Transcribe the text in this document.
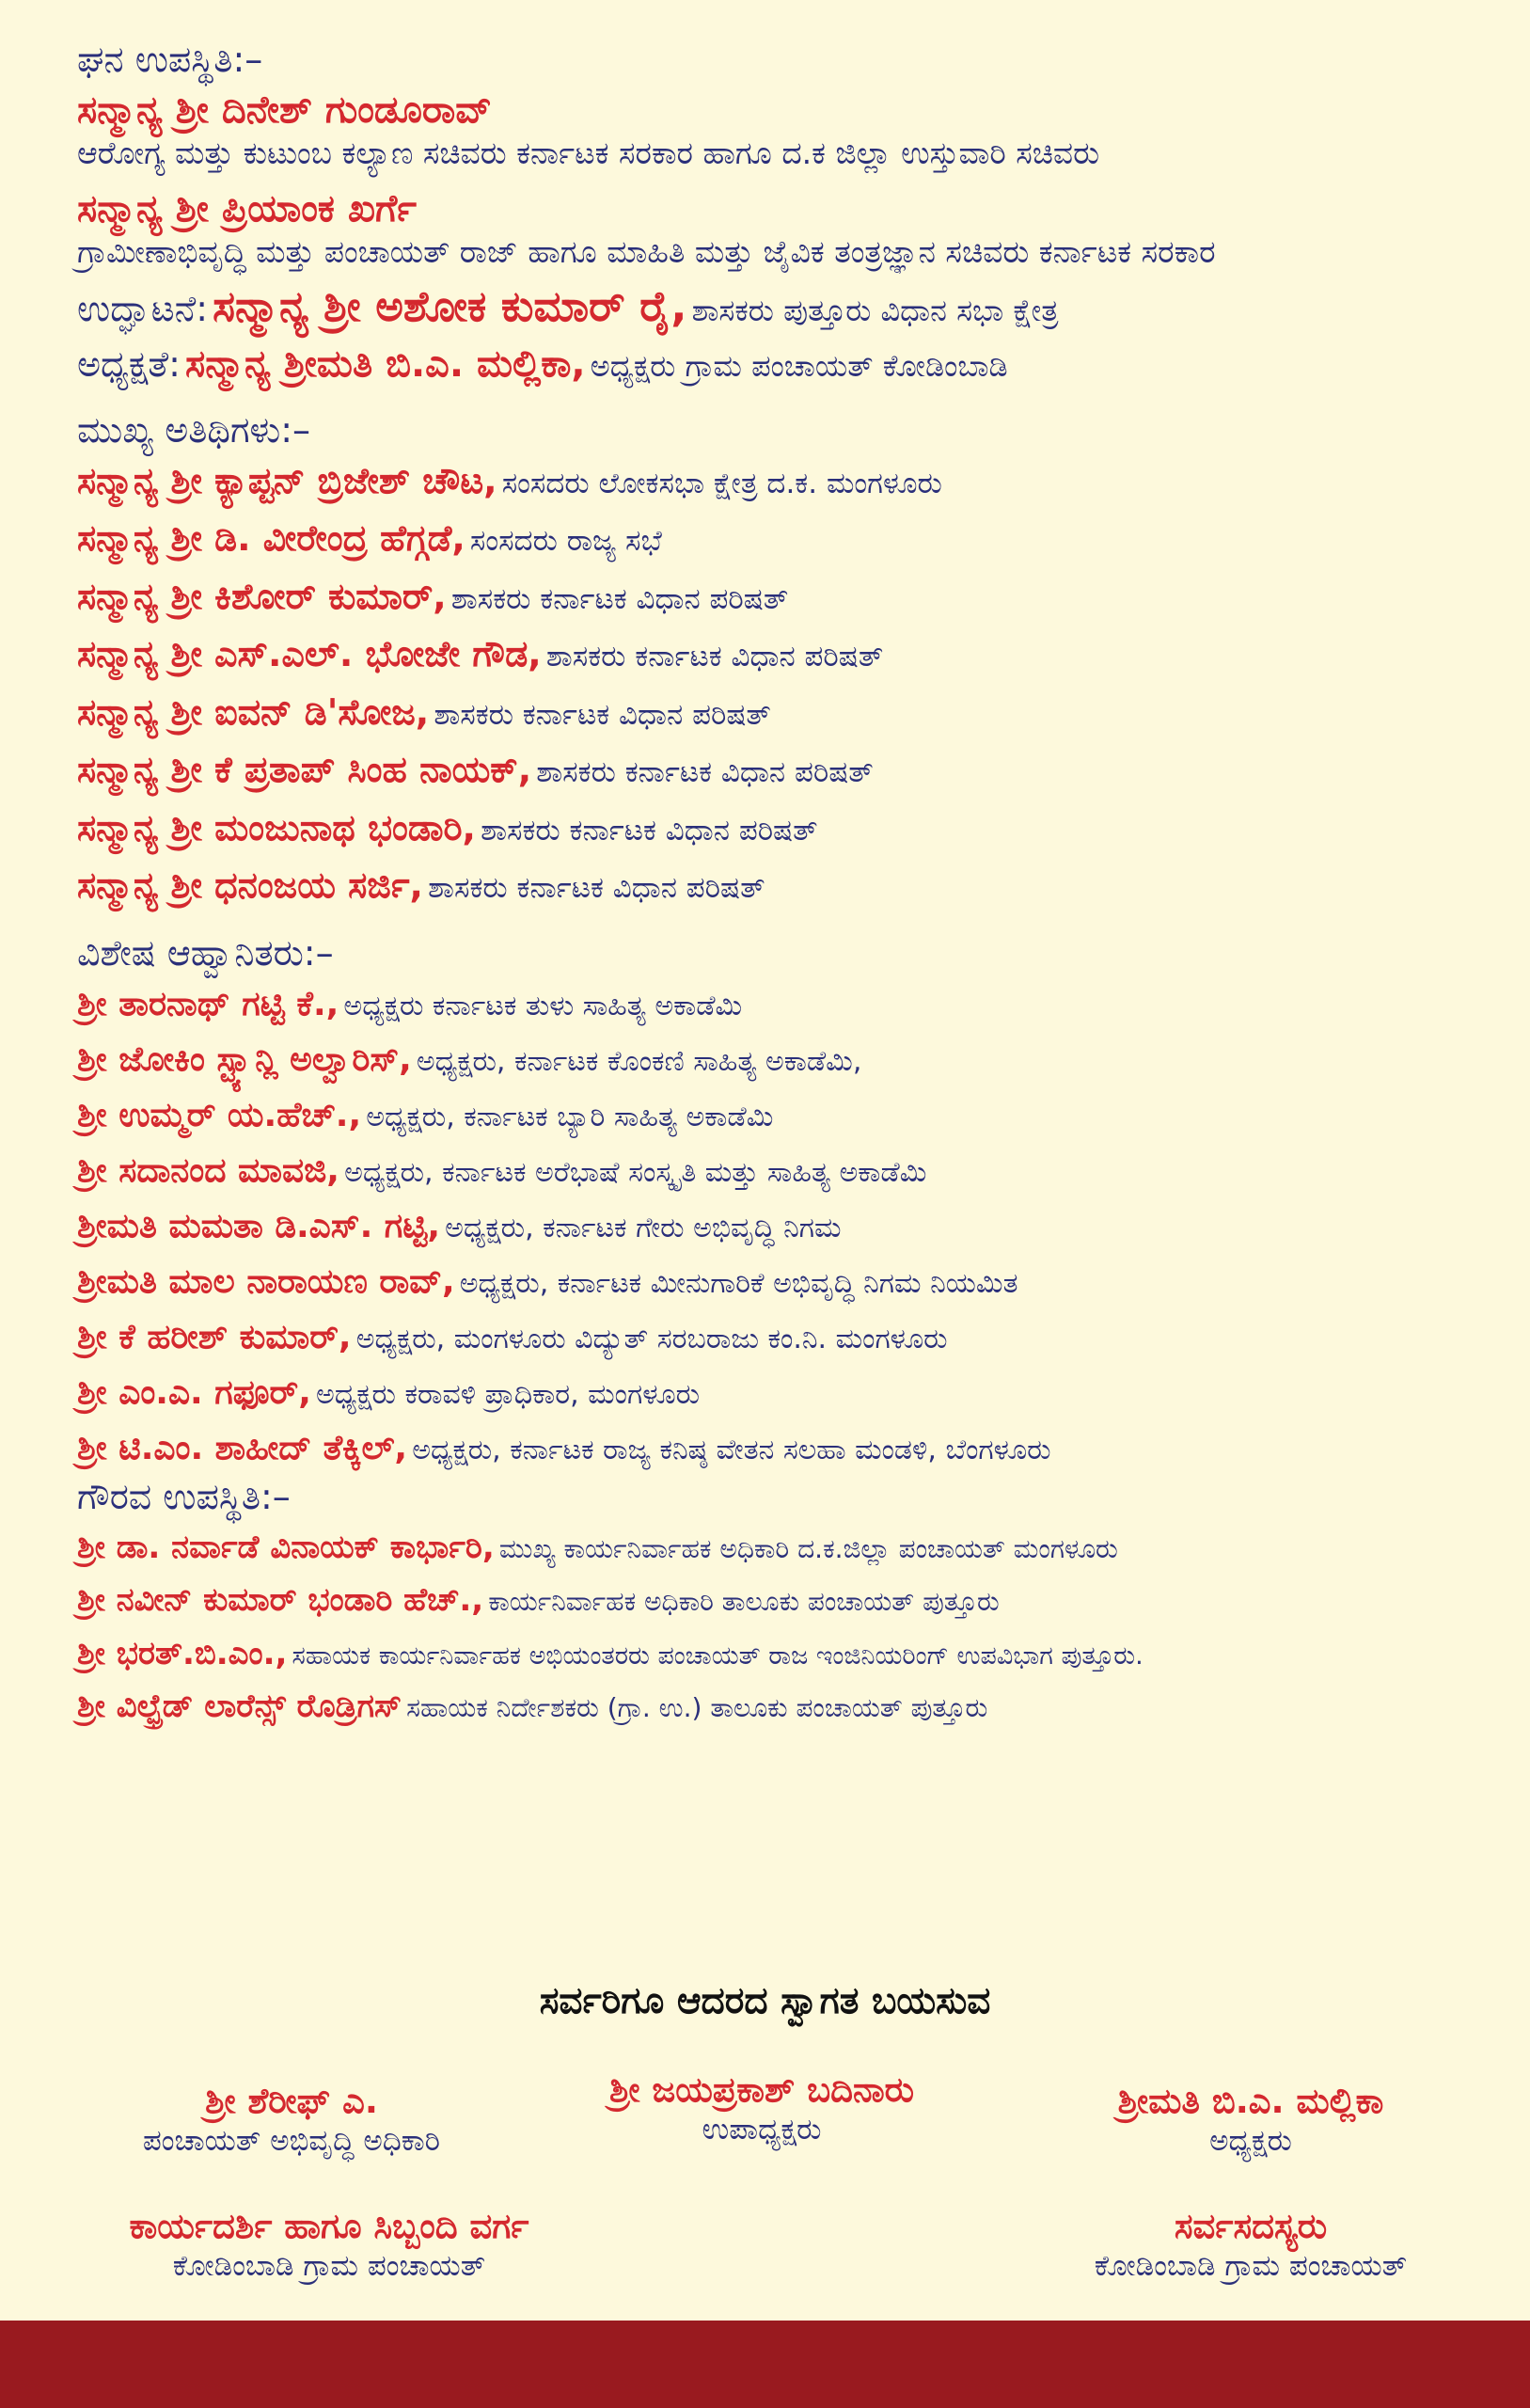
ಘನ ಉಪಸ್ಥಿತಿ:–
ಸನ್ಮಾನ್ಯ ಶ್ರೀ ದಿನೇಶ್ ಗುಂಡೂರಾವ್
ಆರೋಗ್ಯ ಮತ್ತು ಕುಟುಂಬ ಕಲ್ಯಾಣ ಸಚಿವರು ಕರ್ನಾಟಕ ಸರಕಾರ ಹಾಗೂ ದ.ಕ ಜಿಲ್ಲಾ ಉಸ್ತುವಾರಿ ಸಚಿವರು
ಸನ್ಮಾನ್ಯ ಶ್ರೀ ಪ್ರಿಯಾಂಕ ಖರ್ಗೆ
ಗ್ರಾಮೀಣಾಭಿವೃದ್ಧಿ ಮತ್ತು ಪಂಚಾಯತ್ ರಾಜ್ ಹಾಗೂ ಮಾಹಿತಿ ಮತ್ತು ಜೈವಿಕ ತಂತ್ರಜ್ಞಾನ ಸಚಿವರು ಕರ್ನಾಟಕ ಸರಕಾರ
ಉದ್ಘಾಟನೆ: ಸನ್ಮಾನ್ಯ ಶ್ರೀ ಅಶೋಕ ಕುಮಾರ್ ರೈ, ಶಾಸಕರು ಪುತ್ತೂರು ವಿಧಾನ ಸಭಾ ಕ್ಷೇತ್ರ
ಅಧ್ಯಕ್ಷತೆ: ಸನ್ಮಾನ್ಯ ಶ್ರೀಮತಿ ಬಿ.ಎ. ಮಲ್ಲಿಕಾ, ಅಧ್ಯಕ್ಷರು ಗ್ರಾಮ ಪಂಚಾಯತ್ ಕೋಡಿಂಬಾಡಿ
ಮುಖ್ಯ ಅತಿಥಿಗಳು:–
ಸನ್ಮಾನ್ಯ ಶ್ರೀ ಕ್ಯಾಪ್ಟನ್ ಬ್ರಿಜೇಶ್ ಚೌಟ, ಸಂಸದರು ಲೋಕಸಭಾ ಕ್ಷೇತ್ರ ದ.ಕ. ಮಂಗಳೂರು
ಸನ್ಮಾನ್ಯ ಶ್ರೀ ಡಿ. ವೀರೇಂದ್ರ ಹೆಗ್ಗಡೆ, ಸಂಸದರು ರಾಜ್ಯ ಸಭೆ
ಸನ್ಮಾನ್ಯ ಶ್ರೀ ಕಿಶೋರ್ ಕುಮಾರ್, ಶಾಸಕರು ಕರ್ನಾಟಕ ವಿಧಾನ ಪರಿಷತ್
ಸನ್ಮಾನ್ಯ ಶ್ರೀ ಎಸ್.ಎಲ್. ಭೋಜೇ ಗೌಡ, ಶಾಸಕರು ಕರ್ನಾಟಕ ವಿಧಾನ ಪರಿಷತ್
ಸನ್ಮಾನ್ಯ ಶ್ರೀ ಐವನ್ ಡಿ'ಸೋಜ, ಶಾಸಕರು ಕರ್ನಾಟಕ ವಿಧಾನ ಪರಿಷತ್
ಸನ್ಮಾನ್ಯ ಶ್ರೀ ಕೆ ಪ್ರತಾಪ್ ಸಿಂಹ ನಾಯಕ್, ಶಾಸಕರು ಕರ್ನಾಟಕ ವಿಧಾನ ಪರಿಷತ್
ಸನ್ಮಾನ್ಯ ಶ್ರೀ ಮಂಜುನಾಥ ಭಂಡಾರಿ, ಶಾಸಕರು ಕರ್ನಾಟಕ ವಿಧಾನ ಪರಿಷತ್
ಸನ್ಮಾನ್ಯ ಶ್ರೀ ಧನಂಜಯ ಸರ್ಜಿ, ಶಾಸಕರು ಕರ್ನಾಟಕ ವಿಧಾನ ಪರಿಷತ್
ವಿಶೇಷ ಆಹ್ವಾನಿತರು:–
ಶ್ರೀ ತಾರನಾಥ್ ಗಟ್ಟಿ ಕೆ., ಅಧ್ಯಕ್ಷರು ಕರ್ನಾಟಕ ತುಳು ಸಾಹಿತ್ಯ ಅಕಾಡೆಮಿ
ಶ್ರೀ ಜೋಕಿಂ ಸ್ಟ್ಯಾನ್ಲಿ ಅಲ್ವಾರಿಸ್, ಅಧ್ಯಕ್ಷರು, ಕರ್ನಾಟಕ ಕೊಂಕಣಿ ಸಾಹಿತ್ಯ ಅಕಾಡೆಮಿ,
ಶ್ರೀ ಉಮ್ಮರ್ ಯ.ಹೆಚ್., ಅಧ್ಯಕ್ಷರು, ಕರ್ನಾಟಕ ಬ್ಯಾರಿ ಸಾಹಿತ್ಯ ಅಕಾಡೆಮಿ
ಶ್ರೀ ಸದಾನಂದ ಮಾವಜಿ, ಅಧ್ಯಕ್ಷರು, ಕರ್ನಾಟಕ ಅರೆಭಾಷೆ ಸಂಸ್ಕೃತಿ ಮತ್ತು ಸಾಹಿತ್ಯ ಅಕಾಡೆಮಿ
ಶ್ರೀಮತಿ ಮಮತಾ ಡಿ.ಎಸ್. ಗಟ್ಟಿ, ಅಧ್ಯಕ್ಷರು, ಕರ್ನಾಟಕ ಗೇರು ಅಭಿವೃದ್ಧಿ ನಿಗಮ
ಶ್ರೀಮತಿ ಮಾಲ ನಾರಾಯಣ ರಾವ್, ಅಧ್ಯಕ್ಷರು, ಕರ್ನಾಟಕ ಮೀನುಗಾರಿಕೆ ಅಭಿವೃದ್ಧಿ ನಿಗಮ ನಿಯಮಿತ
ಶ್ರೀ ಕೆ ಹರೀಶ್ ಕುಮಾರ್, ಅಧ್ಯಕ್ಷರು, ಮಂಗಳೂರು ವಿದ್ಯುತ್ ಸರಬರಾಜು ಕಂ.ನಿ. ಮಂಗಳೂರು
ಶ್ರೀ ಎಂ.ಎ. ಗಫೂರ್, ಅಧ್ಯಕ್ಷರು ಕರಾವಳಿ ಪ್ರಾಧಿಕಾರ, ಮಂಗಳೂರು
ಶ್ರೀ ಟಿ.ಎಂ. ಶಾಹೀದ್ ತೆಕ್ಕಿಲ್, ಅಧ್ಯಕ್ಷರು, ಕರ್ನಾಟಕ ರಾಜ್ಯ ಕನಿಷ್ಠ ವೇತನ ಸಲಹಾ ಮಂಡಳಿ, ಬೆಂಗಳೂರು
ಗೌರವ ಉಪಸ್ಥಿತಿ:–
ಶ್ರೀ ಡಾ. ನರ್ವಾಡೆ ವಿನಾಯಕ್ ಕಾರ್ಭಾರಿ, ಮುಖ್ಯ ಕಾರ್ಯನಿರ್ವಾಹಕ ಅಧಿಕಾರಿ ದ.ಕ.ಜಿಲ್ಲಾ ಪಂಚಾಯತ್ ಮಂಗಳೂರು
ಶ್ರೀ ನವೀನ್ ಕುಮಾರ್ ಭಂಡಾರಿ ಹೆಚ್., ಕಾರ್ಯನಿರ್ವಾಹಕ ಅಧಿಕಾರಿ ತಾಲೂಕು ಪಂಚಾಯತ್ ಪುತ್ತೂರು
ಶ್ರೀ ಭರತ್.ಬಿ.ಎಂ., ಸಹಾಯಕ ಕಾರ್ಯನಿರ್ವಾಹಕ ಅಭಿಯಂತರರು ಪಂಚಾಯತ್ ರಾಜ ಇಂಜಿನಿಯರಿಂಗ್ ಉಪವಿಭಾಗ ಪುತ್ತೂರು.
ಶ್ರೀ ವಿಲ್ಫ್ರೆಡ್ ಲಾರೆನ್ಸ್ ರೊಡ್ರಿಗಸ್ ಸಹಾಯಕ ನಿರ್ದೇಶಕರು (ಗ್ರಾ. ಉ.) ತಾಲೂಕು ಪಂಚಾಯತ್ ಪುತ್ತೂರು
ಸರ್ವರಿಗೂ ಆದರದ ಸ್ವಾಗತ ಬಯಸುವ
ಶ್ರೀ ಶೆರೀಫ್ ಎ.
ಪಂಚಾಯತ್ ಅಭಿವೃದ್ಧಿ ಅಧಿಕಾರಿ
ಶ್ರೀ ಜಯಪ್ರಕಾಶ್ ಬದಿನಾರು
ಉಪಾಧ್ಯಕ್ಷರು
ಶ್ರೀಮತಿ ಬಿ.ಎ. ಮಲ್ಲಿಕಾ
ಅಧ್ಯಕ್ಷರು
ಕಾರ್ಯದರ್ಶಿ ಹಾಗೂ ಸಿಬ್ಬಂದಿ ವರ್ಗ
ಕೋಡಿಂಬಾಡಿ ಗ್ರಾಮ ಪಂಚಾಯತ್
ಸರ್ವಸದಸ್ಯರು
ಕೋಡಿಂಬಾಡಿ ಗ್ರಾಮ ಪಂಚಾಯತ್
